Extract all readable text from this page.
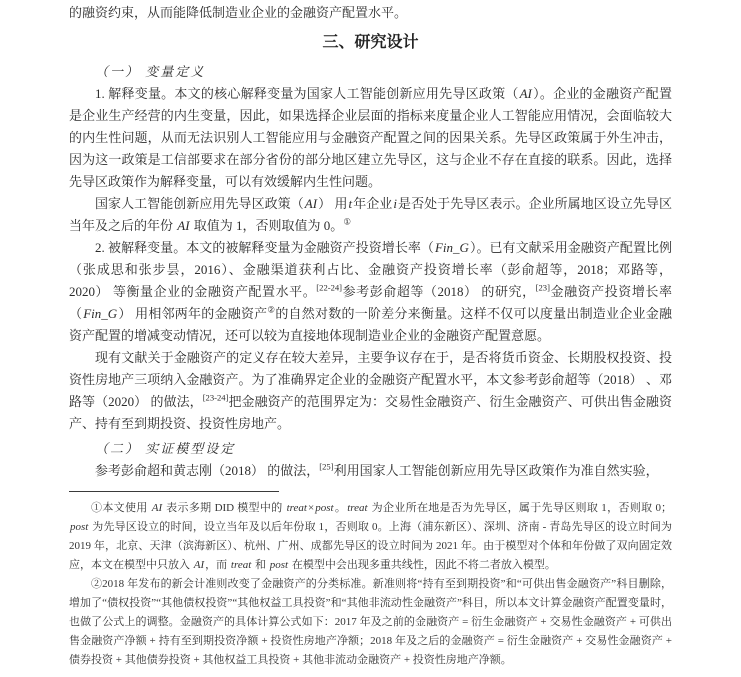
的融资约束，从而能降低制造业企业的金融资产配置水平。

三、研究设计

（一） 变量定义

1. 解释变量。本文的核心解释变量为国家人工智能创新应用先导区政策（AI）。企业的金融资产配置是企业生产经营的内生变量，因此，如果选择企业层面的指标来度量企业人工智能应用情况，会面临较大的内生性问题，从而无法识别人工智能应用与金融资产配置之间的因果关系。先导区政策属于外生冲击，因为这一政策是工信部要求在部分省份的部分地区建立先导区，这与企业不存在直接的联系。因此，选择先导区政策作为解释变量，可以有效缓解内生性问题。

国家人工智能创新应用先导区政策（AI） 用t年企业i是否处于先导区表示。企业所属地区设立先导区当年及之后的年份 AI 取值为 1，否则取值为 0。①

2. 被解释变量。本文的被解释变量为金融资产投资增长率（Fin_G）。已有文献采用金融资产配置比例（张成思和张步昙，2016）、金融渠道获利占比、金融资产投资增长率（彭俞超等，2018；邓路等，2020） 等衡量企业的金融资产配置水平。[22-24]参考彭俞超等（2018） 的研究，[23]金融资产投资增长率（Fin_G） 用相邻两年的金融资产②的自然对数的一阶差分来衡量。这样不仅可以度量出制造业企业金融资产配置的增减变动情况，还可以较为直接地体现制造业企业的金融资产配置意愿。

现有文献关于金融资产的定义存在较大差异，主要争议存在于，是否将货币资金、长期股权投资、投资性房地产三项纳入金融资产。为了准确界定企业的金融资产配置水平，本文参考彭俞超等（2018） 、邓路等（2020） 的做法，[23-24]把金融资产的范围界定为：交易性金融资产、衍生金融资产、可供出售金融资产、持有至到期投资、投资性房地产。

（二） 实证模型设定

参考彭俞超和黄志刚（2018） 的做法，[25]利用国家人工智能创新应用先导区政策作为准自然实验，

①本文使用 AI 表示多期 DID 模型中的 treat×post。treat 为企业所在地是否为先导区，属于先导区则取 1，否则取 0；post 为先导区设立的时间，设立当年及以后年份取 1，否则取 0。上海（浦东新区）、深圳、济南 - 青岛先导区的设立时间为2019 年，北京、天津（滨海新区）、杭州、广州、成都先导区的设立时间为 2021 年。由于模型对个体和年份做了双向固定效应，本文在模型中只放入 AI，而 treat 和 post 在模型中会出现多重共线性，因此不将二者放入模型。

②2018 年发布的新会计准则改变了金融资产的分类标准。新准则将“持有至到期投资”和“可供出售金融资产”科目删除，增加了“债权投资”“其他债权投资”“其他权益工具投资”和“其他非流动性金融资产”科目，所以本文计算金融资产配置变量时，也做了公式上的调整。金融资产的具体计算公式如下：2017 年及之前的金融资产 = 衍生金融资产 + 交易性金融资产 + 可供出售金融资产净额 + 持有至到期投资净额 + 投资性房地产净额；2018 年及之后的金融资产 = 衍生金融资产 + 交易性金融资产 + 债券投资 + 其他债券投资 + 其他权益工具投资 + 其他非流动金融资产 + 投资性房地产净额。
